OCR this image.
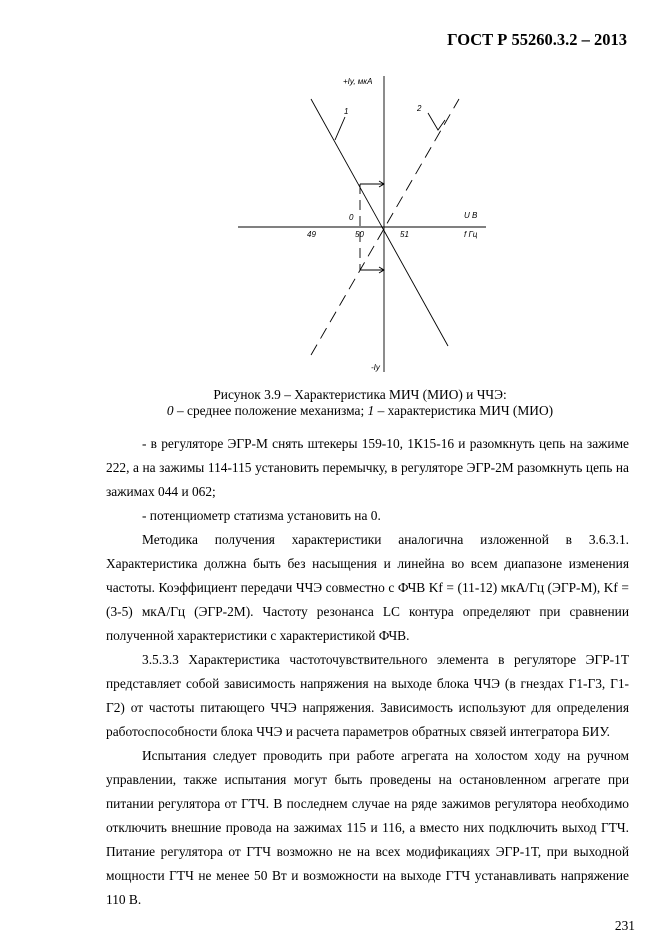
ГОСТ Р 55260.3.2 – 2013
+Iу, мкА
-Iу
U В
f Гц
49	50	51
0
1	2
Рисунок 3.9 – Характеристика МИЧ (МИО) и ЧЧЭ:
0 – среднее положение механизма; 1 – характеристика МИЧ (МИО)

- в регуляторе ЭГР-М снять штекеры 159-10, 1К15-16 и разомкнуть цепь на зажиме 222, а на зажимы 114-115 установить перемычку, в регуляторе ЭГР-2М разомкнуть цепь на зажимах 044 и 062;

- потенциометр статизма установить на 0.

Методика получения характеристики аналогична изложенной в 3.6.3.1. Характеристика должна быть без насыщения и линейна во всем диапазоне изменения частоты. Коэффициент передачи ЧЧЭ совместно с ФЧВ Kf = (11-12) мкА/Гц (ЭГР-М), Kf = (3-5) мкА/Гц (ЭГР-2М). Частоту резонанса LC контура определяют при сравнении полученной характеристики с характеристикой ФЧВ.

3.5.3.3 Характеристика частоточувствительного элемента в регуляторе ЭГР-1Т представляет собой зависимость напряжения на выходе блока ЧЧЭ (в гнездах Г1-Г3, Г1-Г2) от частоты питающего ЧЧЭ напряжения. Зависимость используют для определения работоспособности блока ЧЧЭ и расчета параметров обратных связей интегратора БИУ.

Испытания следует проводить при работе агрегата на холостом ходу на ручном управлении, также испытания могут быть проведены на остановленном агрегате при питании регулятора от ГТЧ. В последнем случае на ряде зажимов регулятора необходимо отключить внешние провода на зажимах 115 и 116, а вместо них подключить выход ГТЧ. Питание регулятора от ГТЧ возможно не на всех модификациях ЭГР-1Т, при выходной мощности ГТЧ не менее 50 Вт и возможности на выходе ГТЧ устанавливать напряжение 110 В.

231
